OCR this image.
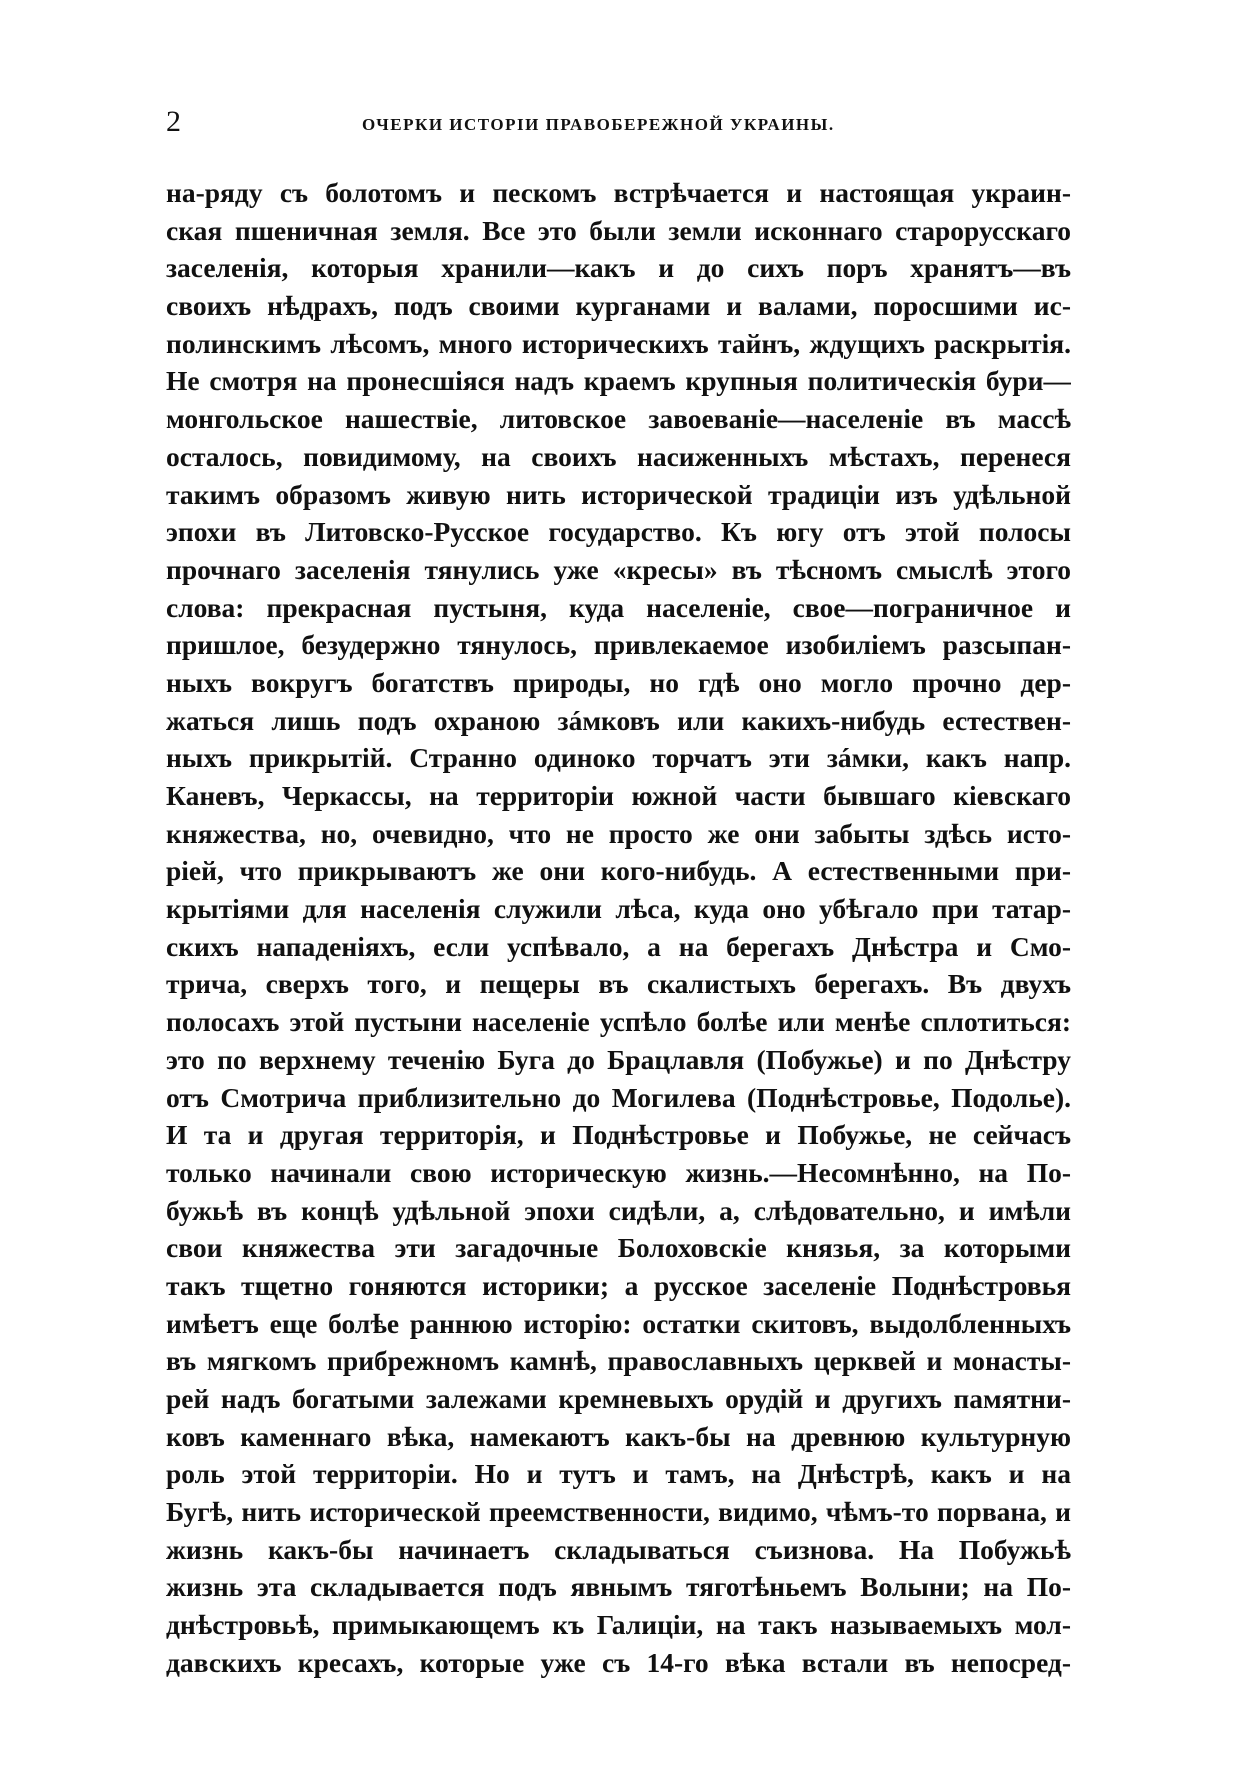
2	ОЧЕРКИ ИСТОРІИ ПРАВОБЕРЕЖНОЙ УКРАИНЫ.
на-ряду съ болотомъ и пескомъ встрѣчается и настоящая украин-
ская пшеничная земля. Все это были земли исконнаго старорусскаго
заселенія, которыя хранили—какъ и до сихъ поръ хранятъ—въ
своихъ нѣдрахъ, подъ своими курганами и валами, поросшими ис-
полинскимъ лѣсомъ, много историческихъ тайнъ, ждущихъ раскрытія.
Не смотря на пронесшіяся надъ краемъ крупныя политическія бури—
монгольское нашествіе, литовское завоеваніе—населеніе въ массѣ
осталось, повидимому, на своихъ насиженныхъ мѣстахъ, перенеся
такимъ образомъ живую нить исторической традиціи изъ удѣльной
эпохи въ Литовско-Русское государство. Къ югу отъ этой полосы
прочнаго заселенія тянулись уже «кресы» въ тѣсномъ смыслѣ этого
слова: прекрасная пустыня, куда населеніе, свое—пограничное и
пришлое, безудержно тянулось, привлекаемое изобиліемъ разсыпан-
ныхъ вокругъ богатствъ природы, но гдѣ оно могло прочно дер-
жаться лишь подъ охраною зáмковъ или какихъ-нибудь естествен-
ныхъ прикрытій. Странно одиноко торчатъ эти зáмки, какъ напр.
Каневъ, Черкассы, на территоріи южной части бывшаго кіевскаго
княжества, но, очевидно, что не просто же они забыты здѣсь исто-
ріей, что прикрываютъ же они кого-нибудь. А естественными при-
крытіями для населенія служили лѣса, куда оно убѣгало при татар-
скихъ нападеніяхъ, если успѣвало, а на берегахъ Днѣстра и Смо-
трича, сверхъ того, и пещеры въ скалистыхъ берегахъ. Въ двухъ
полосахъ этой пустыни населеніе успѣло болѣе или менѣе сплотиться:
это по верхнему теченію Буга до Брацлавля (Побужье) и по Днѣстру
отъ Смотрича приблизительно до Могилева (Поднѣстровье, Подолье).
И та и другая территорія, и Поднѣстровье и Побужье, не сейчасъ
только начинали свою историческую жизнь.—Несомнѣнно, на По-
бужьѣ въ концѣ удѣльной эпохи сидѣли, а, слѣдовательно, и имѣли
свои княжества эти загадочные Болоховскіе князья, за которыми
такъ тщетно гоняются историки; а русское заселеніе Поднѣстровья
имѣетъ еще болѣе раннюю исторію: остатки скитовъ, выдолбленныхъ
въ мягкомъ прибрежномъ камнѣ, православныхъ церквей и монасты-
рей надъ богатыми залежами кремневыхъ орудій и другихъ памятни-
ковъ каменнаго вѣка, намекаютъ какъ-бы на древнюю культурную
роль этой территоріи. Но и тутъ и тамъ, на Днѣстрѣ, какъ и на
Бугѣ, нить исторической преемственности, видимо, чѣмъ-то порвана, и
жизнь какъ-бы начинаетъ складываться съизнова. На Побужьѣ
жизнь эта складывается подъ явнымъ тяготѣньемъ Волыни; на По-
днѣстровьѣ, примыкающемъ къ Галиціи, на такъ называемыхъ мол-
давскихъ кресахъ, которые уже съ 14-го вѣка встали въ непосред-
